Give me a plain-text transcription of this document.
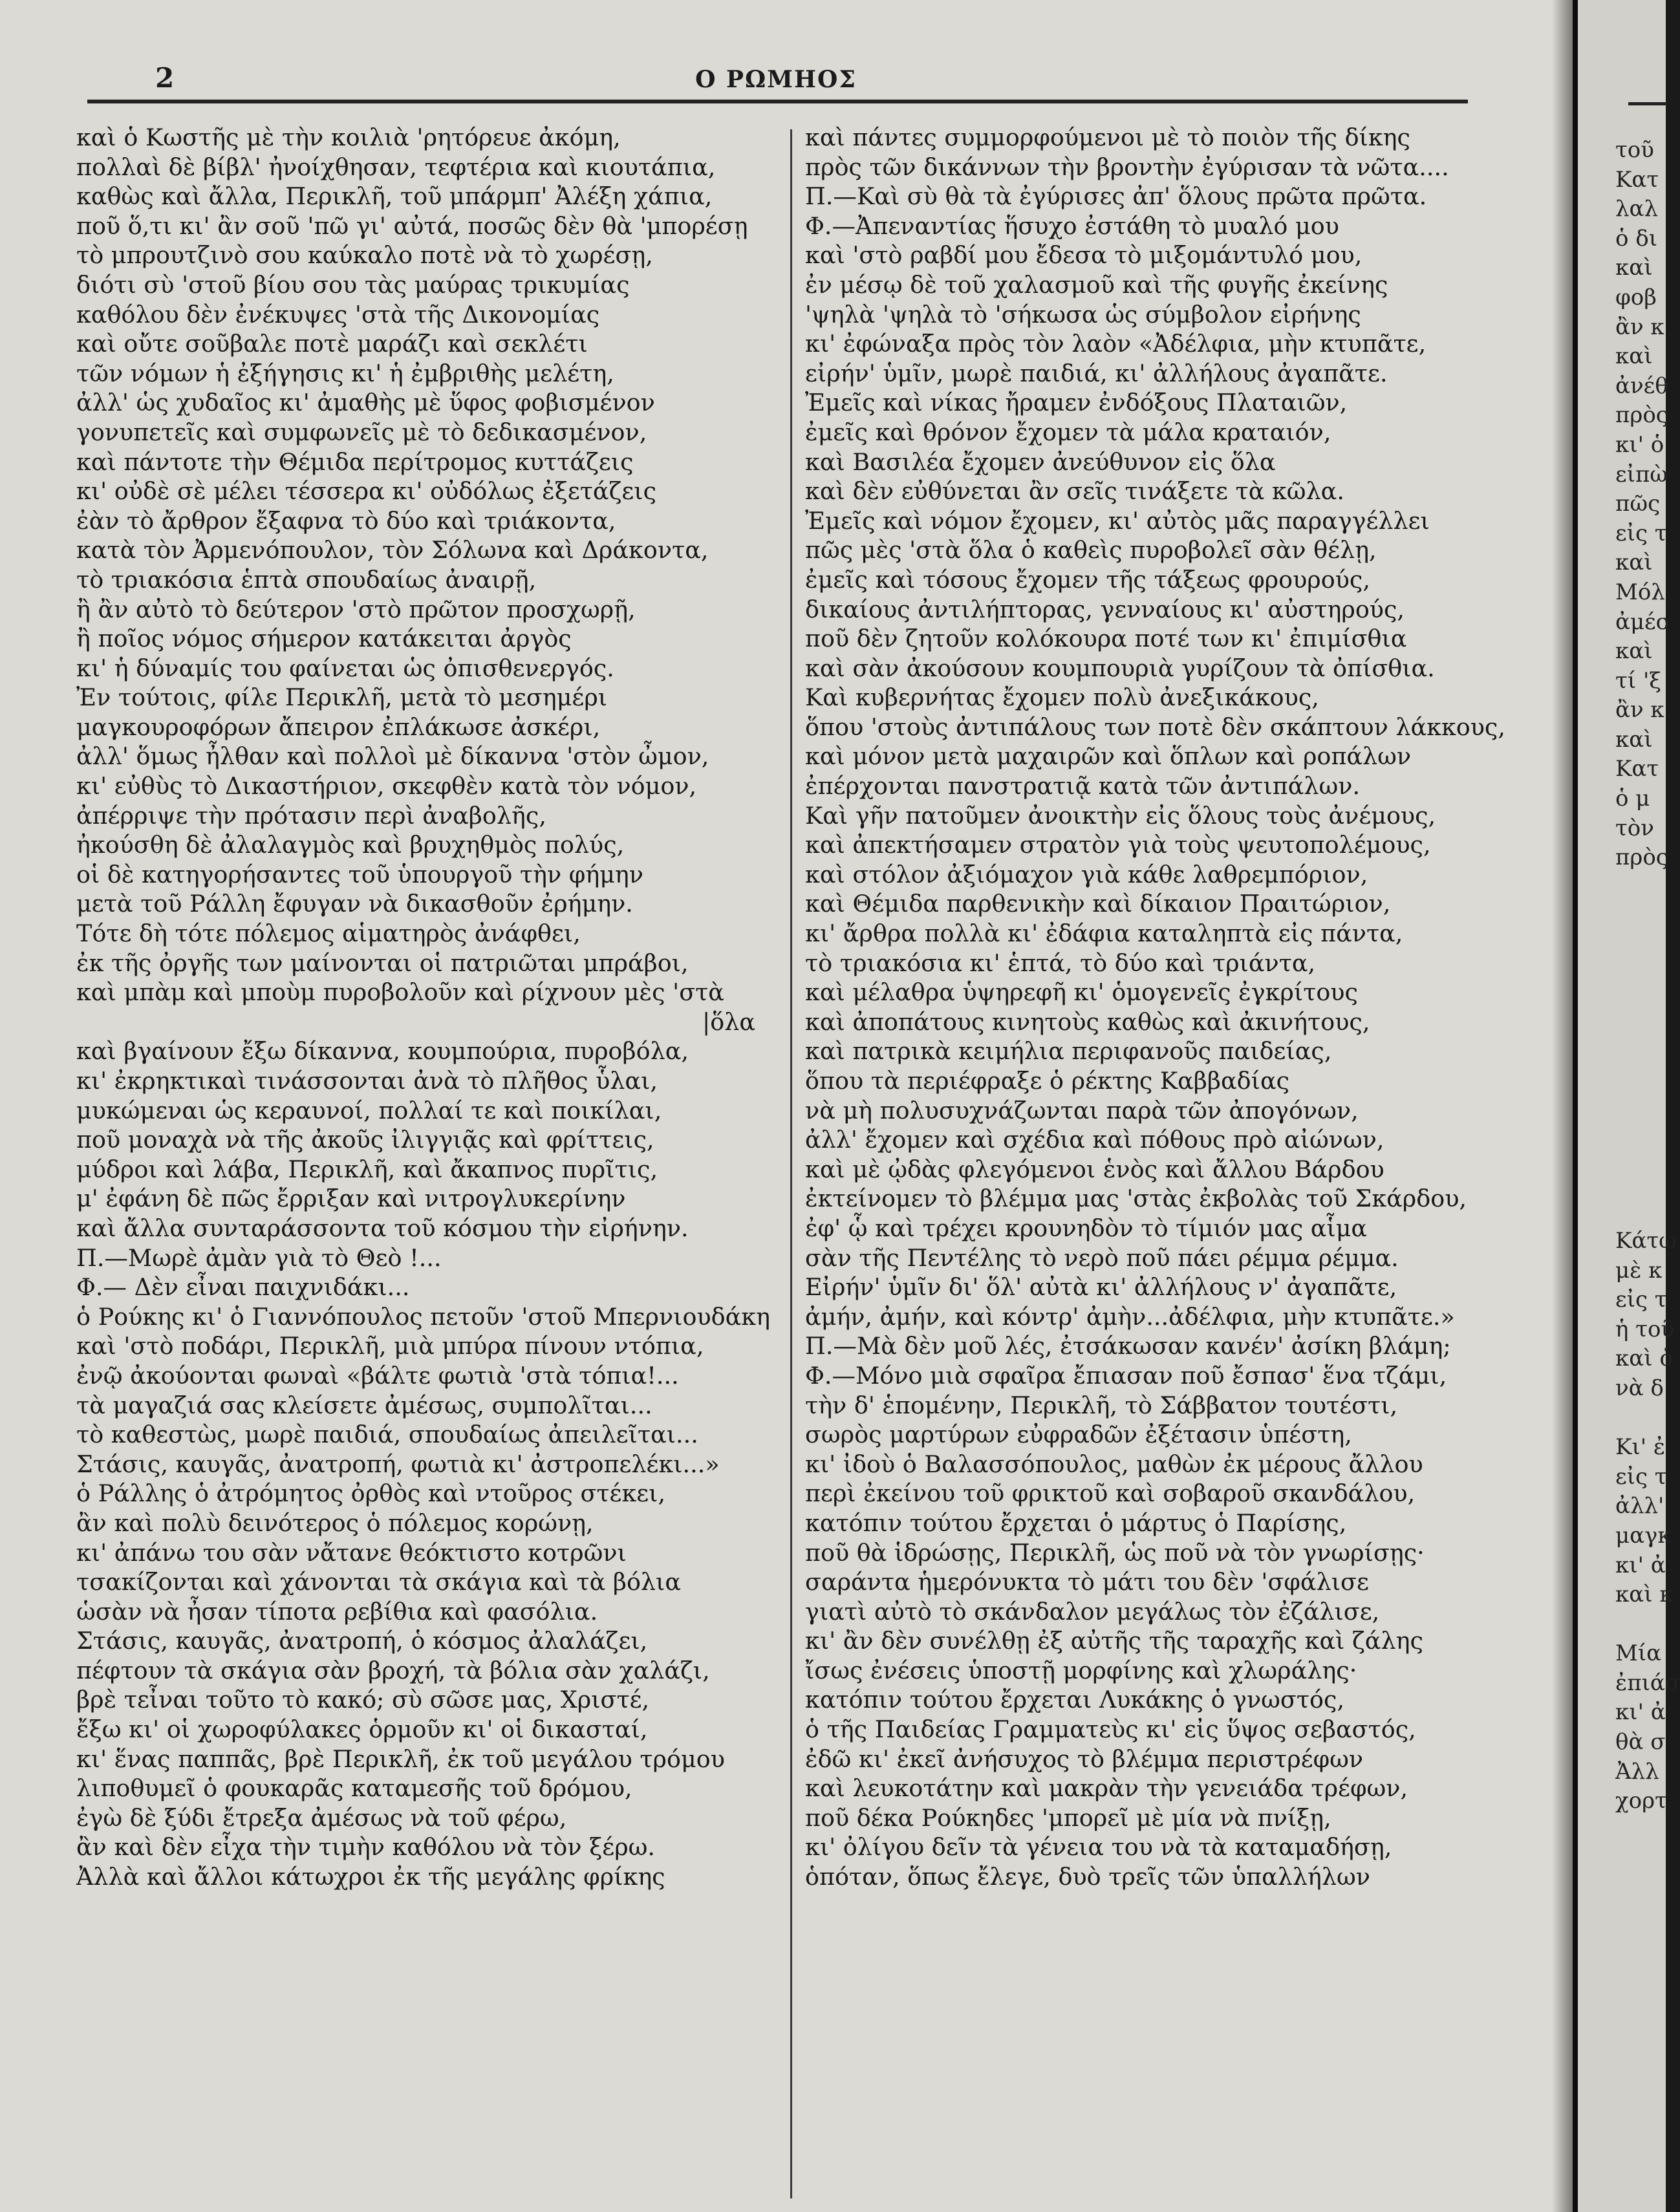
2	Ο ΡΩΜΗΟΣ
καὶ ὁ Κωστῆς μὲ τὴν κοιλιὰ 'ρητόρευε ἀκόμη,
πολλαὶ δὲ βίβλ' ἠνοίχθησαν, τεφτέρια καὶ κιουτάπια,
καθὼς καὶ ἄλλα, Περικλῆ, τοῦ μπάρμπ' Ἀλέξη χάπια,
ποῦ ὅ,τι κι' ἂν σοῦ 'πῶ γι' αὐτά, ποσῶς δὲν θὰ 'μπορέσῃ
τὸ μπρουτζινὸ σου καύκαλο ποτὲ νὰ τὸ χωρέσῃ,
διότι σὺ 'στοῦ βίου σου τὰς μαύρας τρικυμίας
καθόλου δὲν ἐνέκυψες 'στὰ τῆς Δικονομίας
καὶ οὔτε σοῦβαλε ποτὲ μαράζι καὶ σεκλέτι
τῶν νόμων ἡ ἐξήγησις κι' ἡ ἐμβριθὴς μελέτη,
ἀλλ' ὡς χυδαῖος κι' ἀμαθὴς μὲ ὕφος φοβισμένον
γονυπετεῖς καὶ συμφωνεῖς μὲ τὸ δεδικασμένον,
καὶ πάντοτε τὴν Θέμιδα περίτρομος κυττάζεις
κι' οὐδὲ σὲ μέλει τέσσερα κι' οὐδόλως ἐξετάζεις
ἐὰν τὸ ἄρθρον ἔξαφνα τὸ δύο καὶ τριάκοντα,
κατὰ τὸν Ἀρμενόπουλον, τὸν Σόλωνα καὶ Δράκοντα,
τὸ τριακόσια ἑπτὰ σπουδαίως ἀναιρῇ,
ἢ ἂν αὐτὸ τὸ δεύτερον 'στὸ πρῶτον προσχωρῇ,
ἢ ποῖος νόμος σήμερον κατάκειται ἀργὸς
κι' ἡ δύναμίς του φαίνεται ὡς ὀπισθενεργός.
Ἐν τούτοις, φίλε Περικλῆ, μετὰ τὸ μεσημέρι
μαγκουροφόρων ἄπειρον ἐπλάκωσε ἀσκέρι,
ἀλλ' ὅμως ἦλθαν καὶ πολλοὶ μὲ δίκαννα 'στὸν ὦμον,
κι' εὐθὺς τὸ Δικαστήριον, σκεφθὲν κατὰ τὸν νόμον,
ἀπέρριψε τὴν πρότασιν περὶ ἀναβολῆς,
ἠκούσθη δὲ ἀλαλαγμὸς καὶ βρυχηθμὸς πολύς,
οἱ δὲ κατηγορήσαντες τοῦ ὑπουργοῦ τὴν φήμην
μετὰ τοῦ Ράλλη ἔφυγαν νὰ δικασθοῦν ἐρήμην.
Τότε δὴ τότε πόλεμος αἱματηρὸς ἀνάφθει,
ἐκ τῆς ὀργῆς των μαίνονται οἱ πατριῶται μπράβοι,
καὶ μπὰμ καὶ μποὺμ πυροβολοῦν καὶ ρίχνουν μὲς 'στὰ
|ὅλα
καὶ βγαίνουν ἔξω δίκαννα, κουμπούρια, πυροβόλα,
κι' ἐκρηκτικαὶ τινάσσονται ἀνὰ τὸ πλῆθος ὗλαι,
μυκώμεναι ὡς κεραυνοί, πολλαί τε καὶ ποικίλαι,
ποῦ μοναχὰ νὰ τῆς ἀκοῦς ἰλιγγιᾷς καὶ φρίττεις,
μύδροι καὶ λάβα, Περικλῆ, καὶ ἄκαπνος πυρῖτις,
μ' ἐφάνη δὲ πῶς ἔρριξαν καὶ νιτρογλυκερίνην
καὶ ἄλλα συνταράσσοντα τοῦ κόσμου τὴν εἰρήνην.
Π.—Μωρὲ ἀμὰν γιὰ τὸ Θεὸ !...
Φ.— Δὲν εἶναι παιχνιδάκι...
ὁ Ρούκης κι' ὁ Γιαννόπουλος πετοῦν 'στοῦ Μπερνιουδάκη
καὶ 'στὸ ποδάρι, Περικλῆ, μιὰ μπύρα πίνουν ντόπια,
ἐνῷ ἀκούονται φωναὶ «βάλτε φωτιὰ 'στὰ τόπια!...
τὰ μαγαζιά σας κλείσετε ἀμέσως, συμπολῖται...
τὸ καθεστὼς, μωρὲ παιδιά, σπουδαίως ἀπειλεῖται...
Στάσις, καυγᾶς, ἀνατροπή, φωτιὰ κι' ἀστροπελέκι...»
ὁ Ράλλης ὁ ἀτρόμητος ὀρθὸς καὶ ντοῦρος στέκει,
ἂν καὶ πολὺ δεινότερος ὁ πόλεμος κορώνῃ,
κι' ἀπάνω του σὰν νἄτανε θεόκτιστο κοτρῶνι
τσακίζονται καὶ χάνονται τὰ σκάγια καὶ τὰ βόλια
ὡσὰν νὰ ἦσαν τίποτα ρεβίθια καὶ φασόλια.
Στάσις, καυγᾶς, ἀνατροπή, ὁ κόσμος ἀλαλάζει,
πέφτουν τὰ σκάγια σὰν βροχή, τὰ βόλια σὰν χαλάζι,
βρὲ τεἶναι τοῦτο τὸ κακό; σὺ σῶσε μας, Χριστέ,
ἔξω κι' οἱ χωροφύλακες ὁρμοῦν κι' οἱ δικασταί,
κι' ἕνας παππᾶς, βρὲ Περικλῆ, ἐκ τοῦ μεγάλου τρόμου
λιποθυμεῖ ὁ φουκαρᾶς καταμεσῆς τοῦ δρόμου,
ἐγὼ δὲ ξύδι ἔτρεξα ἀμέσως νὰ τοῦ φέρω,
ἂν καὶ δὲν εἶχα τὴν τιμὴν καθόλου νὰ τὸν ξέρω.
Ἀλλὰ καὶ ἄλλοι κάτωχροι ἐκ τῆς μεγάλης φρίκης
καὶ πάντες συμμορφούμενοι μὲ τὸ ποιὸν τῆς δίκης
πρὸς τῶν δικάννων τὴν βροντὴν ἐγύρισαν τὰ νῶτα....
Π.—Καὶ σὺ θὰ τὰ ἐγύρισες ἀπ' ὅλους πρῶτα πρῶτα.
Φ.—Ἀπεναντίας ἥσυχο ἐστάθη τὸ μυαλό μου
καὶ 'στὸ ραβδί μου ἔδεσα τὸ μιξομάντυλό μου,
ἐν μέσῳ δὲ τοῦ χαλασμοῦ καὶ τῆς φυγῆς ἐκείνης
'ψηλὰ 'ψηλὰ τὸ 'σήκωσα ὡς σύμβολον εἰρήνης
κι' ἐφώναξα πρὸς τὸν λαὸν «Ἀδέλφια, μὴν κτυπᾶτε,
εἰρήν' ὑμῖν, μωρὲ παιδιά, κι' ἀλλήλους ἀγαπᾶτε.
Ἐμεῖς καὶ νίκας ἤραμεν ἐνδόξους Πλαταιῶν,
ἐμεῖς καὶ θρόνον ἔχομεν τὰ μάλα κραταιόν,
καὶ Βασιλέα ἔχομεν ἀνεύθυνον εἰς ὅλα
καὶ δὲν εὐθύνεται ἂν σεῖς τινάξετε τὰ κῶλα.
Ἐμεῖς καὶ νόμον ἔχομεν, κι' αὐτὸς μᾶς παραγγέλλει
πῶς μὲς 'στὰ ὅλα ὁ καθεὶς πυροβολεῖ σὰν θέλῃ,
ἐμεῖς καὶ τόσους ἔχομεν τῆς τάξεως φρουρούς,
δικαίους ἀντιλήπτορας, γενναίους κι' αὐστηρούς,
ποῦ δὲν ζητοῦν κολόκουρα ποτέ των κι' ἐπιμίσθια
καὶ σὰν ἀκούσουν κουμπουριὰ γυρίζουν τὰ ὀπίσθια.
Καὶ κυβερνήτας ἔχομεν πολὺ ἀνεξικάκους,
ὅπου 'στοὺς ἀντιπάλους των ποτὲ δὲν σκάπτουν λάκκους,
καὶ μόνον μετὰ μαχαιρῶν καὶ ὅπλων καὶ ροπάλων
ἐπέρχονται πανστρατιᾷ κατὰ τῶν ἀντιπάλων.
Καὶ γῆν πατοῦμεν ἀνοικτὴν εἰς ὅλους τοὺς ἀνέμους,
καὶ ἀπεκτήσαμεν στρατὸν γιὰ τοὺς ψευτοπολέμους,
καὶ στόλον ἀξιόμαχον γιὰ κάθε λαθρεμπόριον,
καὶ Θέμιδα παρθενικὴν καὶ δίκαιον Πραιτώριον,
κι' ἄρθρα πολλὰ κι' ἐδάφια καταληπτὰ εἰς πάντα,
τὸ τριακόσια κι' ἑπτά, τὸ δύο καὶ τριάντα,
καὶ μέλαθρα ὑψηρεφῆ κι' ὁμογενεῖς ἐγκρίτους
καὶ ἀποπάτους κινητοὺς καθὼς καὶ ἀκινήτους,
καὶ πατρικὰ κειμήλια περιφανοῦς παιδείας,
ὅπου τὰ περιέφραξε ὁ ρέκτης Καββαδίας
νὰ μὴ πολυσυχνάζωνται παρὰ τῶν ἀπογόνων,
ἀλλ' ἔχομεν καὶ σχέδια καὶ πόθους πρὸ αἰώνων,
καὶ μὲ ᾠδὰς φλεγόμενοι ἑνὸς καὶ ἄλλου Βάρδου
ἐκτείνομεν τὸ βλέμμα μας 'στὰς ἐκβολὰς τοῦ Σκάρδου,
ἐφ' ᾧ καὶ τρέχει κρουνηδὸν τὸ τίμιόν μας αἷμα
σὰν τῆς Πεντέλης τὸ νερὸ ποῦ πάει ρέμμα ρέμμα.
Εἰρήν' ὑμῖν δι' ὅλ' αὐτὰ κι' ἀλλήλους ν' ἀγαπᾶτε,
ἀμήν, ἀμήν, καὶ κόντρ' ἀμὴν...ἀδέλφια, μὴν κτυπᾶτε.»
Π.—Μὰ δὲν μοῦ λές, ἐτσάκωσαν κανέν' ἀσίκη βλάμη;
Φ.—Μόνο μιὰ σφαῖρα ἔπιασαν ποῦ ἔσπασ' ἕνα τζάμι,
τὴν δ' ἑπομένην, Περικλῆ, τὸ Σάββατον τουτέστι,
σωρὸς μαρτύρων εὐφραδῶν ἐξέτασιν ὑπέστη,
κι' ἰδοὺ ὁ Βαλασσόπουλος, μαθὼν ἐκ μέρους ἄλλου
περὶ ἐκείνου τοῦ φρικτοῦ καὶ σοβαροῦ σκανδάλου,
κατόπιν τούτου ἔρχεται ὁ μάρτυς ὁ Παρίσης,
ποῦ θὰ ἱδρώσῃς, Περικλῆ, ὡς ποῦ νὰ τὸν γνωρίσῃς·
σαράντα ἡμερόνυκτα τὸ μάτι του δὲν 'σφάλισε
γιατὶ αὐτὸ τὸ σκάνδαλον μεγάλως τὸν ἐζάλισε,
κι' ἂν δὲν συνέλθῃ ἐξ αὐτῆς τῆς ταραχῆς καὶ ζάλης
ἴσως ἐνέσεις ὑποστῇ μορφίνης καὶ χλωράλης·
κατόπιν τούτου ἔρχεται Λυκάκης ὁ γνωστός,
ὁ τῆς Παιδείας Γραμματεὺς κι' εἰς ὕψος σεβαστός,
ἐδῶ κι' ἐκεῖ ἀνήσυχος τὸ βλέμμα περιστρέφων
καὶ λευκοτάτην καὶ μακρὰν τὴν γενειάδα τρέφων,
ποῦ δέκα Ρούκηδες 'μπορεῖ μὲ μία νὰ πνίξῃ,
κι' ὀλίγου δεῖν τὰ γένεια του νὰ τὰ καταμαδήσῃ,
ὁπόταν, ὅπως ἔλεγε, δυὸ τρεῖς τῶν ὑπαλλήλων
τοῦ
Κατ
λαλ
ὁ δι
καὶ
φοβ
ἂν κ
καὶ
ἀνέθ
πρὸς
κι' ὁ
εἰπὼ
πῶς
εἰς τ
καὶ
Μόλ
ἀμέσ
καὶ
τί 'ξ
ἂν κ
καὶ
Κατ
ὁ μ
τὸν
πρὸς
Κάτω
μὲ κ
εἰς τ
ἡ τοῦ
καὶ ὁ
νὰ δ
Κι' ἐ
εἰς τ
ἀλλ'
μαγκ
κι' ἀ
καὶ κ
Μία
ἐπιάσ
κι' ἀ
θὰ σ
Ἀλλ
χορτ
